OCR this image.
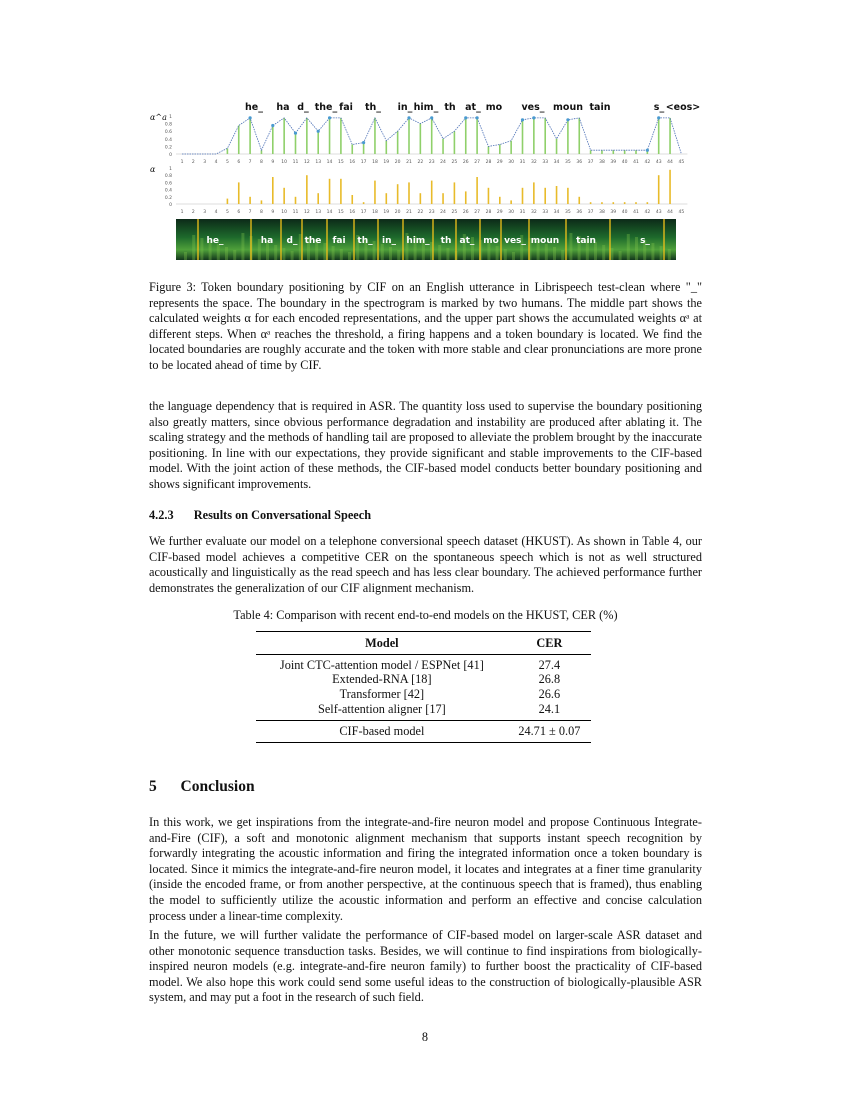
he_ ha d_ the_ fai th_ in_ him_ th at_ mo ves_ moun tain	s_ <eos>
α^a 1
0.8
0.6
0.4
0.2
0
1 2 3 4 5 6 7 8 9 10 11 12 13 14 15 16 17 18 19 20 21 22 23 24 25 26 27 28 29 30 31 32 33 34 35 36 37 38 39 40 41 42 43 44 45
α	1
0.8
0.6
0.4
0.2
0
1 2 3 4 5 6 7 8 9 10 11 12 13 14 15 16 17 18 19 20 21 22 23 24 25 26 27 28 29 30 31 32 33 34 35 36 37 38 39 40 41 42 43 44 45
he_	ha d_ the fai th_ in_ him_ th at_ mo ves_ moun tain	s_

Figure 3: Token boundary positioning by CIF on an English utterance in Librispeech test-clean where "_" represents the space. The boundary in the spectrogram is marked by two humans. The middle part shows the calculated weights α for each encoded representations, and the upper part shows the accumulated weights αᵃ at different steps. When αᵃ reaches the threshold, a firing happens and a token boundary is located. We find the located boundaries are roughly accurate and the token with more stable and clear pronunciations are more prone to be located ahead of time by CIF.

the language dependency that is required in ASR. The quantity loss used to supervise the boundary positioning also greatly matters, since obvious performance degradation and instability are produced after ablating it. The scaling strategy and the methods of handling tail are proposed to alleviate the problem brought by the inaccurate positioning. In line with our expectations, they provide significant and stable improvements to the CIF-based model. With the joint action of these methods, the CIF-based model conducts better boundary positioning and shows significant improvements.

4.2.3 Results on Conversational Speech

We further evaluate our model on a telephone conversional speech dataset (HKUST). As shown in Table 4, our CIF-based model achieves a competitive CER on the spontaneous speech which is not as well structured acoustically and linguistically as the read speech and has less clear boundary. The achieved performance further demonstrates the generalization of our CIF alignment mechanism.

Table 4: Comparison with recent end-to-end models on the HKUST, CER (%)
Model	CER
Joint CTC-attention model / ESPNet [41]	27.4
Extended-RNA [18]	26.8
Transformer [42]	26.6
Self-attention aligner [17]	24.1
CIF-based model	24.71 ± 0.07
5 Conclusion

In this work, we get inspirations from the integrate-and-fire neuron model and propose Continuous Integrate-and-Fire (CIF), a soft and monotonic alignment mechanism that supports instant speech recognition by forwardly integrating the acoustic information and firing the integrated information once a token boundary is located. Since it mimics the integrate-and-fire neuron model, it locates and integrates at a finer time granularity (inside the encoded frame, or from another perspective, at the continuous speech that is framed), thus enabling the model to sufficiently utilize the acoustic information and perform an effective and concise calculation process under a linear-time complexity.

In the future, we will further validate the performance of CIF-based model on larger-scale ASR dataset and other monotonic sequence transduction tasks. Besides, we will continue to find inspirations from biologically-inspired neuron models (e.g. integrate-and-fire neuron family) to further boost the practicality of CIF-based model. We also hope this work could send some useful ideas to the construction of biologically-plausible ASR system, and may put a foot in the research of such field.

8
